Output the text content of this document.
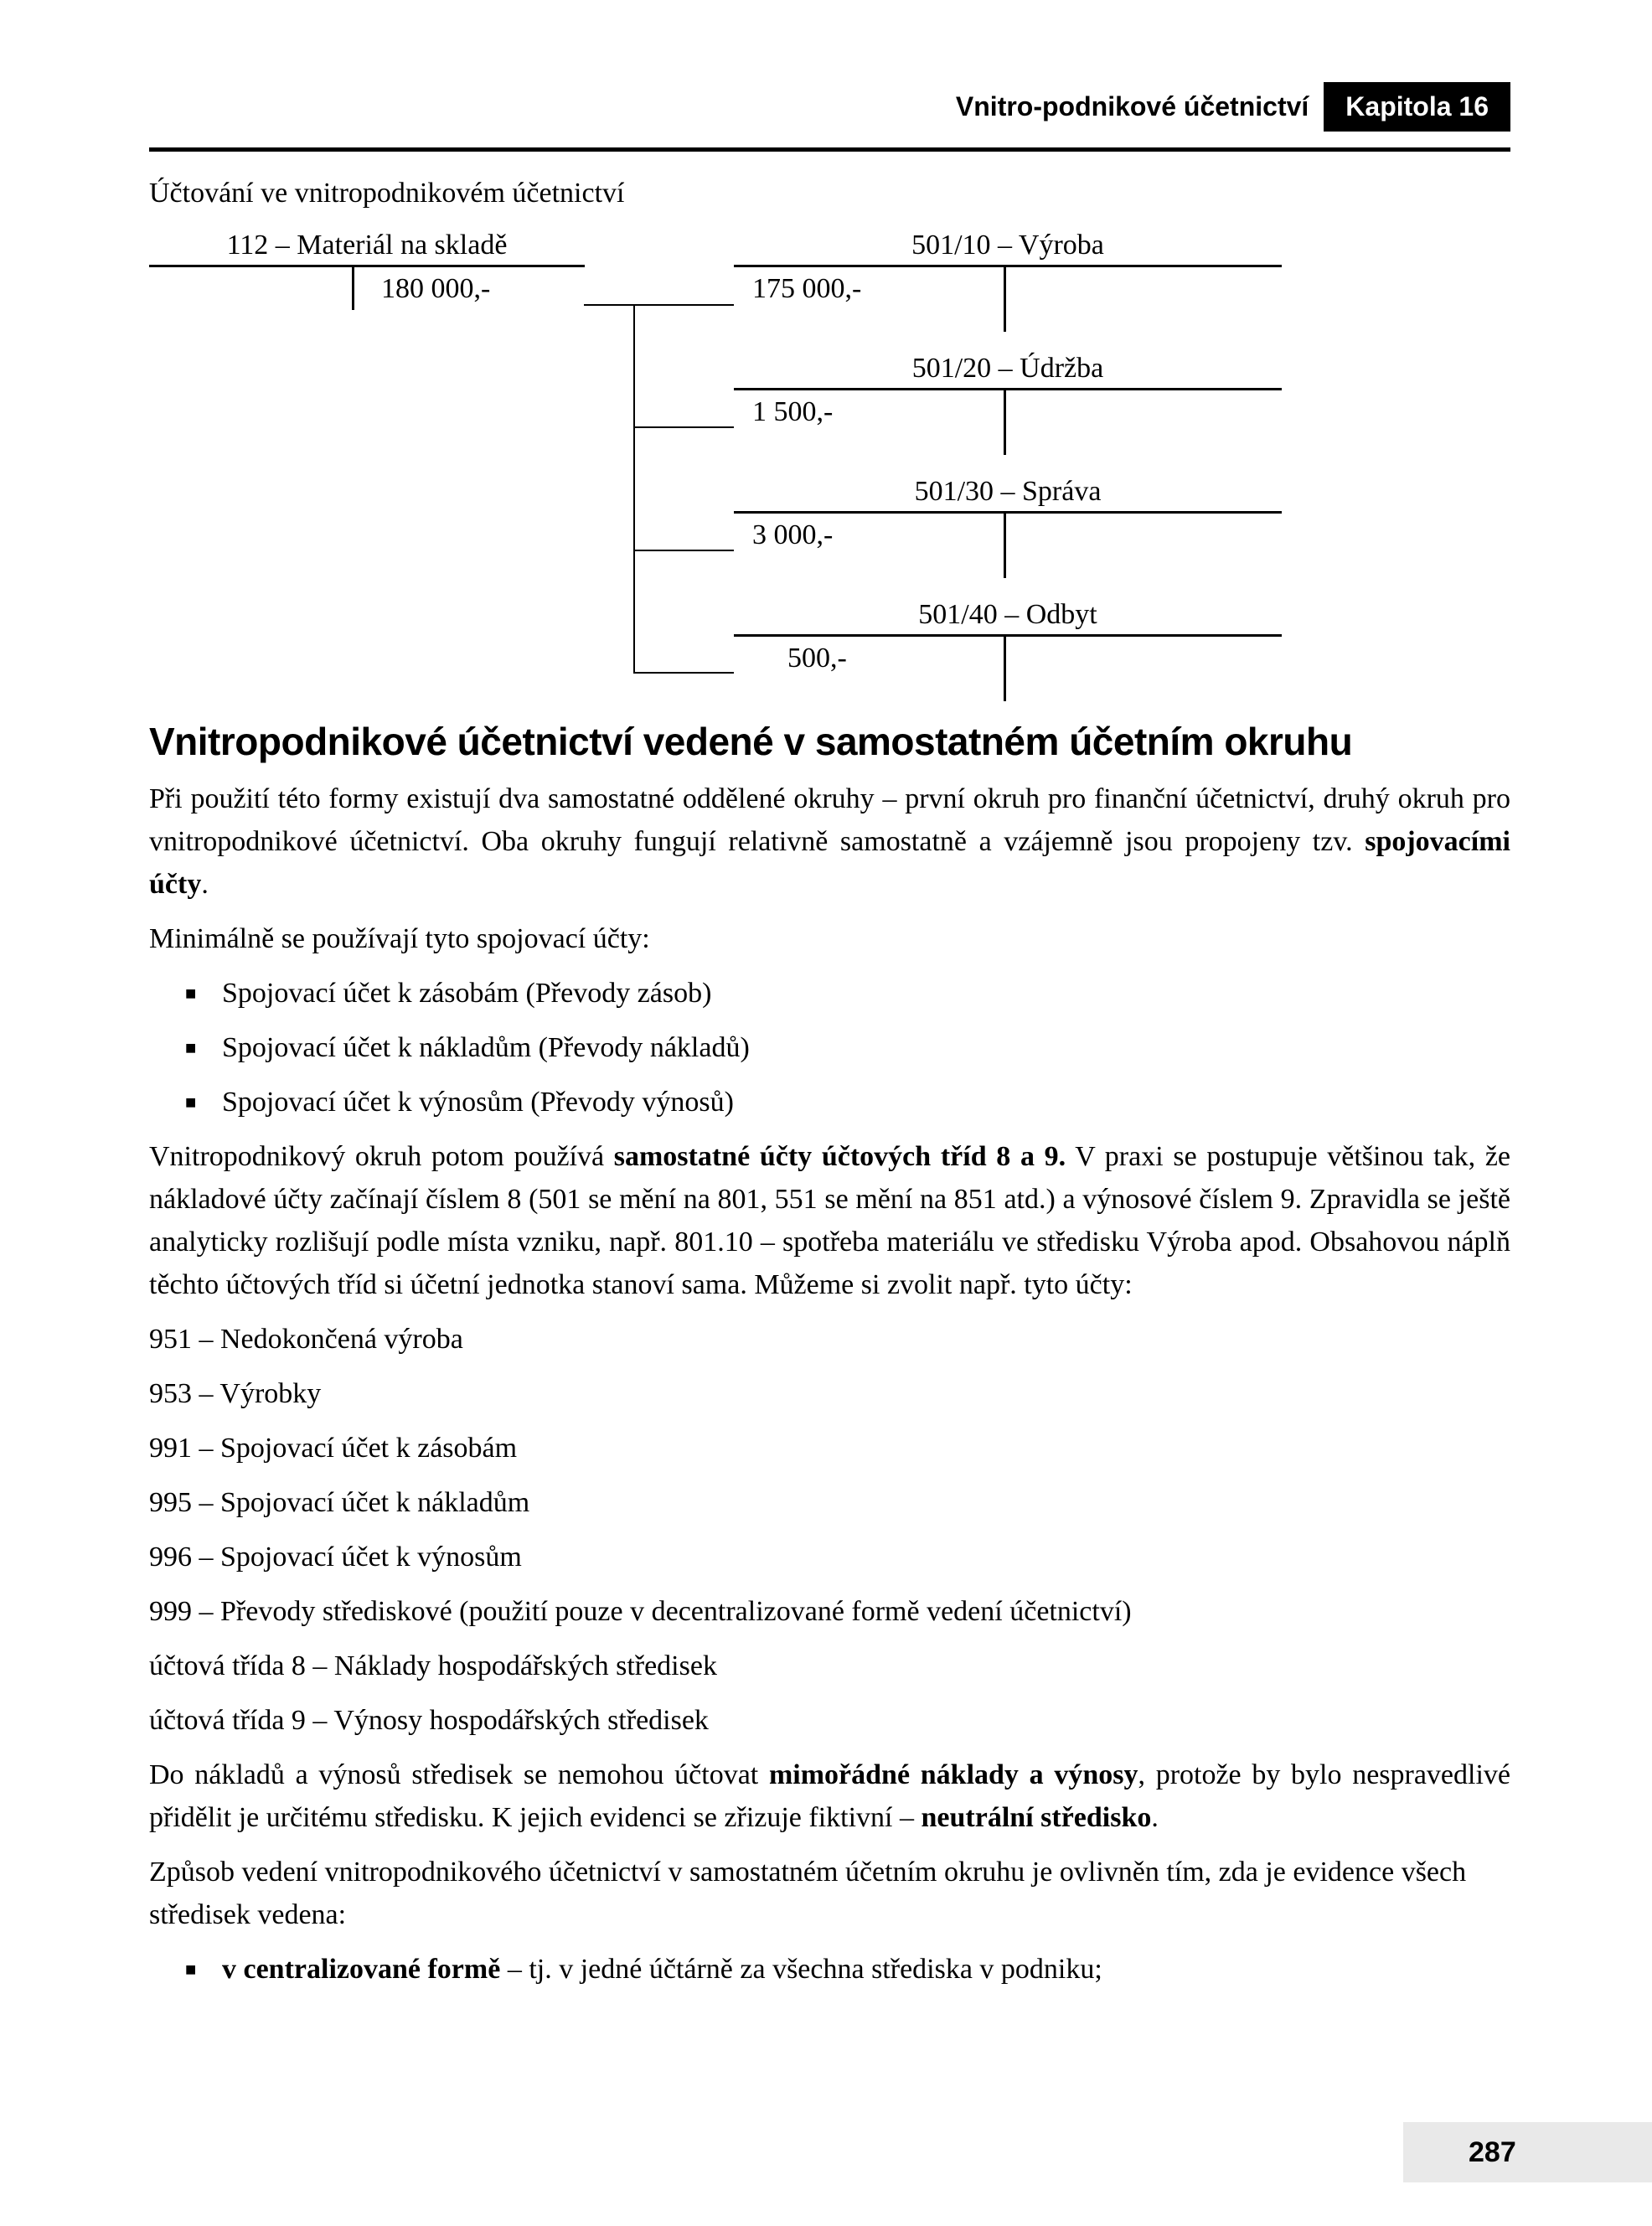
Vnitro-podnikové účetnictví	Kapitola 16
Účtování ve vnitropodnikovém účetnictví
112 – Materiál na skladě
180 000,-
501/10 – Výroba
175 000,-
501/20 – Údržba
1 500,-
501/30 – Správa
3 000,-
501/40 – Odbyt
500,-
Vnitropodnikové účetnictví vedené v samostatném účetním okruhu

Při použití této formy existují dva samostatné oddělené okruhy – první okruh pro finanční účetnictví, druhý okruh pro vnitropodnikové účetnictví. Oba okruhy fungují relativně samostatně a vzájemně jsou propojeny tzv. spojovacími účty.

Minimálně se používají tyto spojovací účty:

■ Spojovací účet k zásobám (Převody zásob)
■ Spojovací účet k nákladům (Převody nákladů)
■ Spojovací účet k výnosům (Převody výnosů)

Vnitropodnikový okruh potom používá samostatné účty účtových tříd 8 a 9. V praxi se postupuje většinou tak, že nákladové účty začínají číslem 8 (501 se mění na 801, 551 se mění na 851 atd.) a výnosové číslem 9. Zpravidla se ještě analyticky rozlišují podle místa vzniku, např. 801.10 – spotřeba materiálu ve středisku Výroba apod. Obsahovou náplň těchto účtových tříd si účetní jednotka stanoví sama. Můžeme si zvolit např. tyto účty:

951 – Nedokončená výroba

953 – Výrobky

991 – Spojovací účet k zásobám

995 – Spojovací účet k nákladům

996 – Spojovací účet k výnosům

999 – Převody střediskové (použití pouze v decentralizované formě vedení účetnictví)

účtová třída 8 – Náklady hospodářských středisek

účtová třída 9 – Výnosy hospodářských středisek

Do nákladů a výnosů středisek se nemohou účtovat mimořádné náklady a výnosy, protože by bylo nespravedlivé přidělit je určitému středisku. K jejich evidenci se zřizuje fiktivní – neutrální středisko.

Způsob vedení vnitropodnikového účetnictví v samostatném účetním okruhu je ovlivněn tím, zda je evidence všech středisek vedena:

■ v centralizované formě – tj. v jedné účtárně za všechna střediska v podniku;
287
